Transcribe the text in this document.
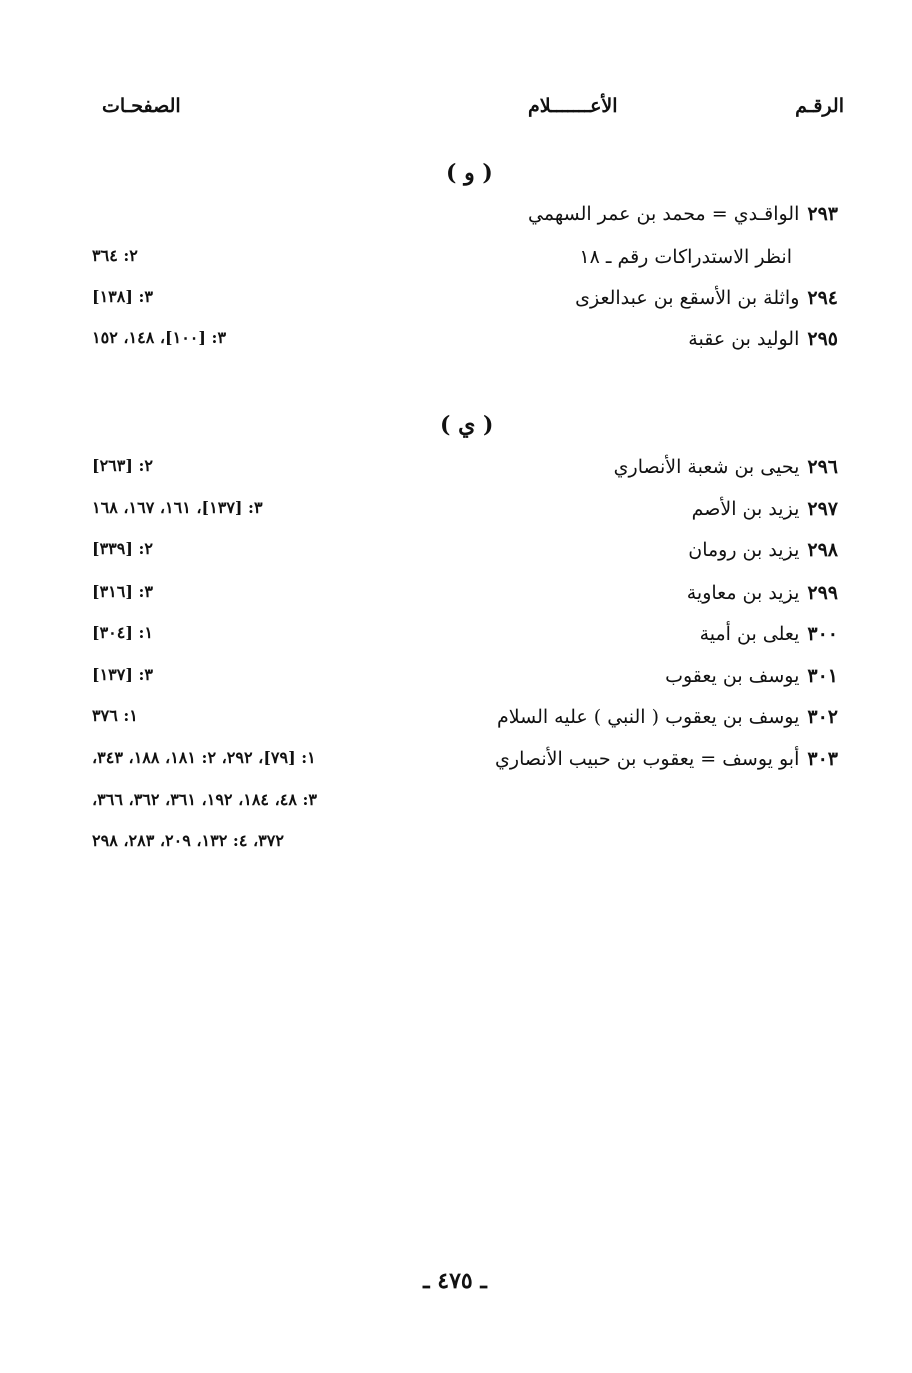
الرقـم
الأعـــــــلام
الصفحـات
( و )
٢٩٣الواقـدي = محمد بن عمر السهمي
انظر الاستدراكات رقم ـ ١٨
٢: ٣٦٤
٢٩٤واثلة بن الأسقع بن عبدالعزى
٣: [١٣٨]
٢٩٥الوليد بن عقبة
٣: [١٠٠]، ١٤٨، ١٥٢
( ي )
٢٩٦يحيى بن شعبة الأنصاري
٢: [٢٦٣]
٢٩٧يزيد بن الأصم
٣: [١٣٧]، ١٦١، ١٦٧، ١٦٨
٢٩٨يزيد بن رومان
٢: [٣٣٩]
٢٩٩يزيد بن معاوية
٣: [٣١٦]
٣٠٠يعلى بن أمية
١: [٣٠٤]
٣٠١يوسف بن يعقوب
٣: [١٣٧]
٣٠٢يوسف بن يعقوب ( النبي ) عليه السلام
١: ٣٧٦
٣٠٣أبو يوسف = يعقوب بن حبيب الأنصاري
١: [٧٩]، ٢٩٢، ٢: ١٨١، ١٨٨، ٣٤٣،
٣: ٤٨، ١٨٤، ١٩٢، ٣٦١، ٣٦٢، ٣٦٦،
٣٧٢، ٤: ١٣٢، ٢٠٩، ٢٨٣، ٢٩٨
ـ ٤٧٥ ـ
